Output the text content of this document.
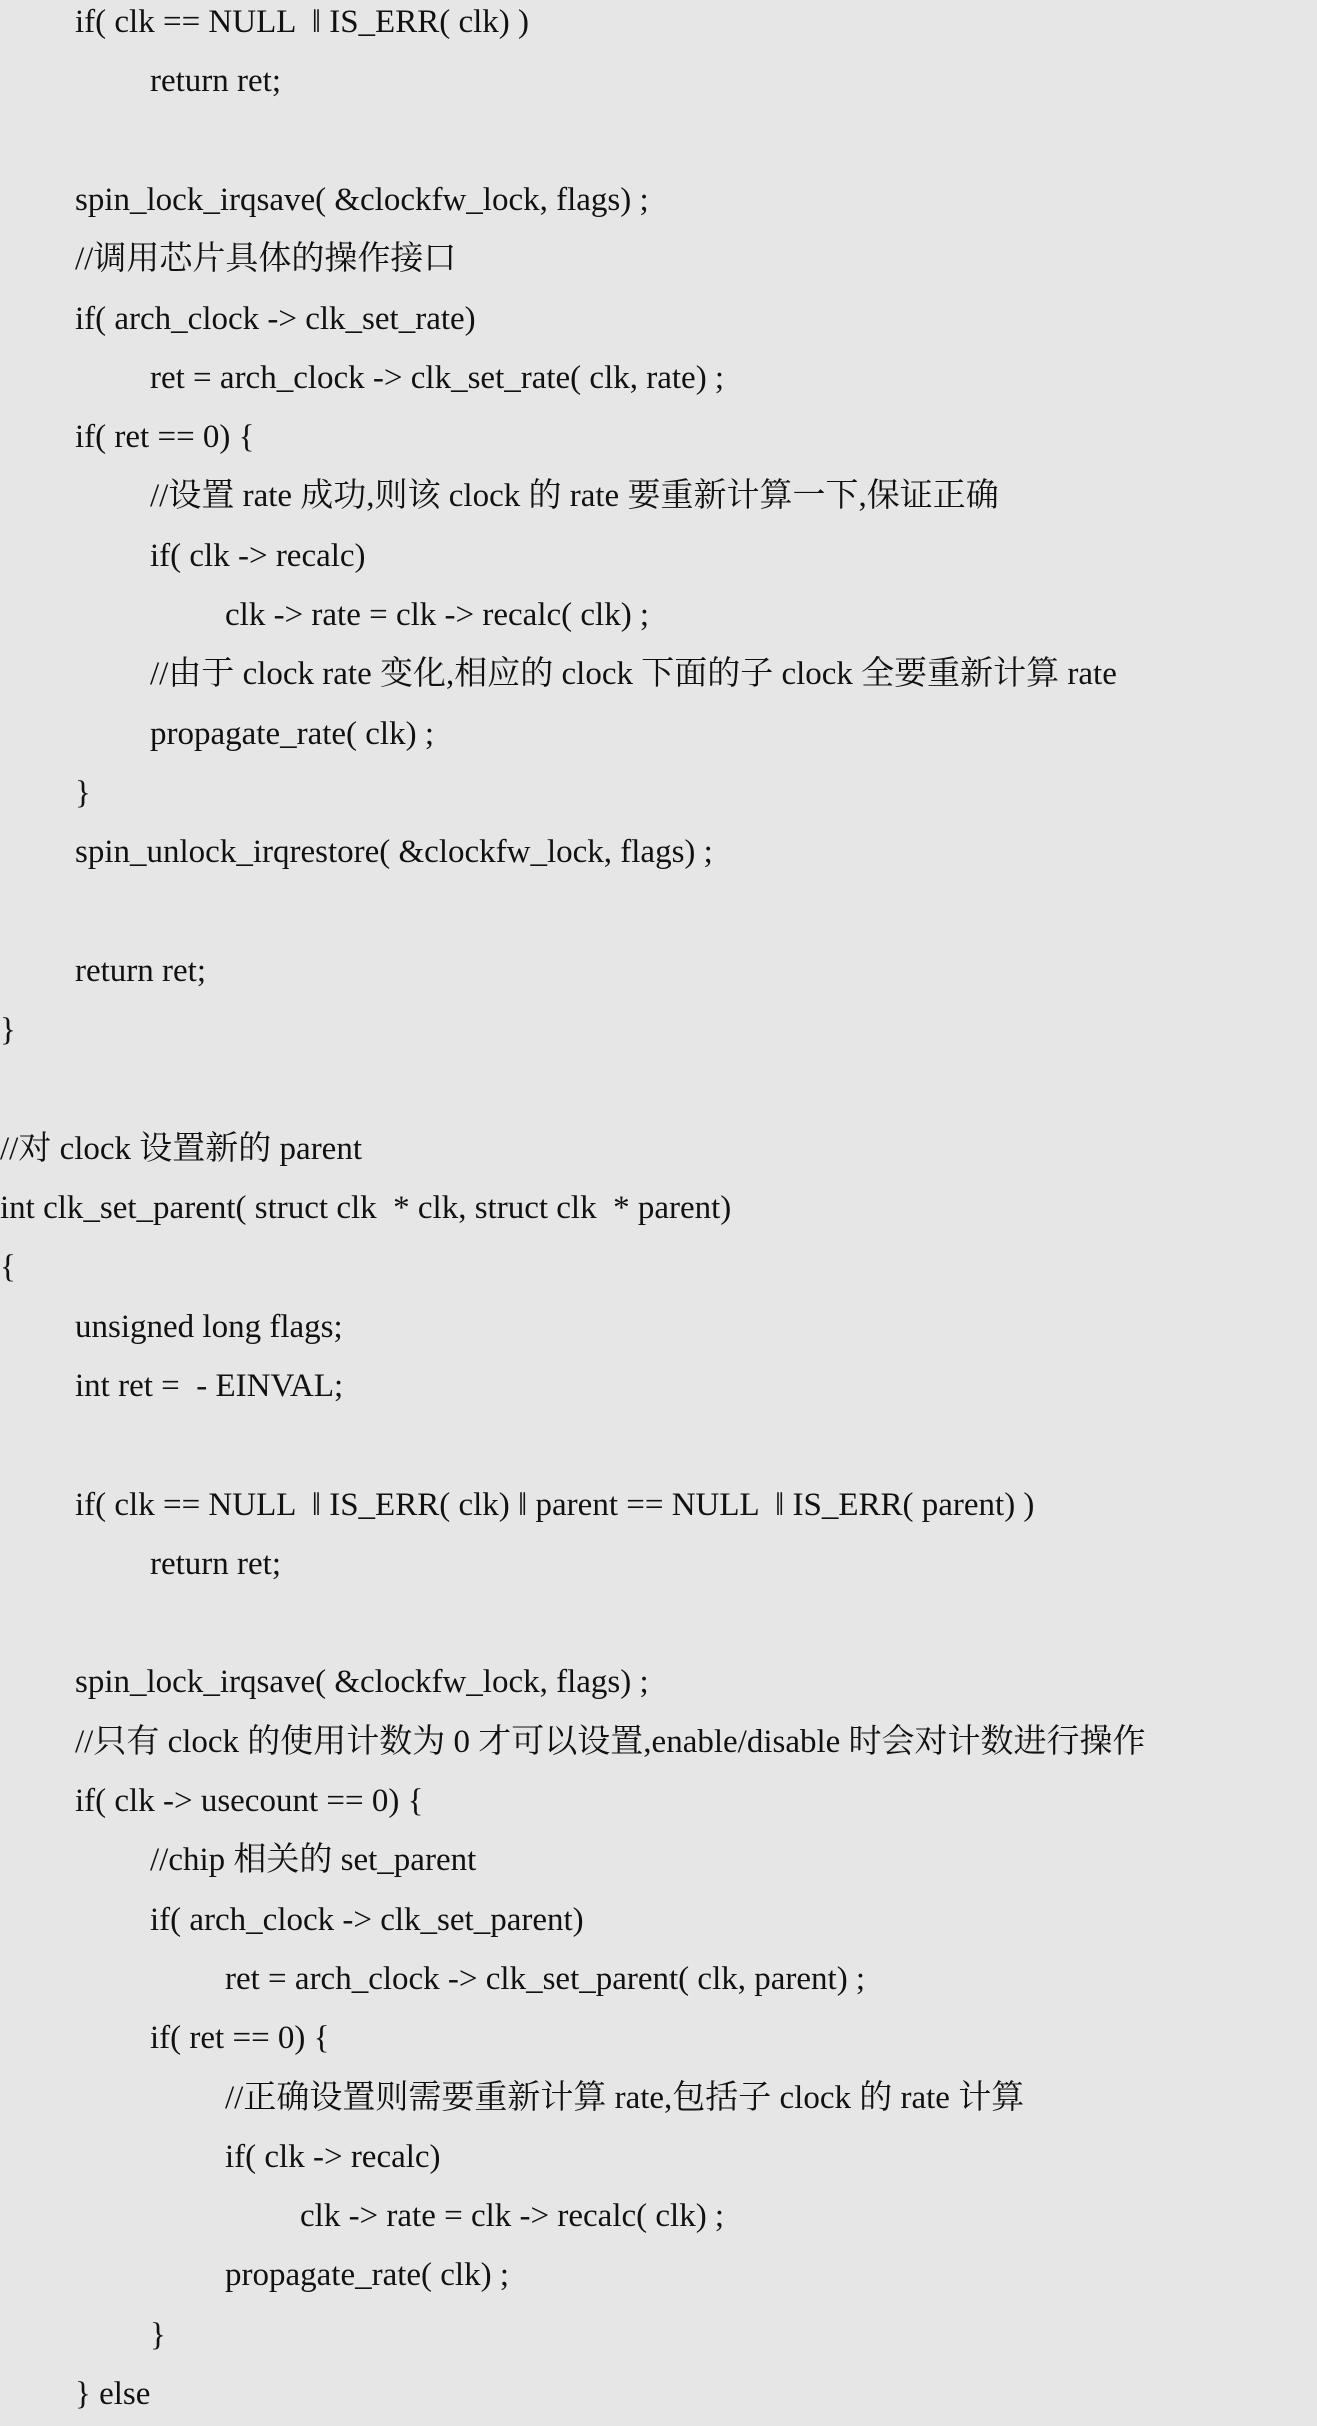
if( clk == NULL  ‖ IS_ERR( clk) )
return ret;
spin_lock_irqsave( &clockfw_lock, flags) ;
//调用芯片具体的操作接口
if( arch_clock -> clk_set_rate)
ret = arch_clock -> clk_set_rate( clk, rate) ;
if( ret == 0) {
//设置 rate 成功,则该 clock 的 rate 要重新计算一下,保证正确
if( clk -> recalc)
clk -> rate = clk -> recalc( clk) ;
//由于 clock rate 变化,相应的 clock 下面的子 clock 全要重新计算 rate
propagate_rate( clk) ;
}
spin_unlock_irqrestore( &clockfw_lock, flags) ;
return ret;
}
//对 clock 设置新的 parent
int clk_set_parent( struct clk  * clk, struct clk  * parent)
{
unsigned long flags;
int ret =  - EINVAL;
if( clk == NULL  ‖ IS_ERR( clk) ‖ parent == NULL  ‖ IS_ERR( parent) )
return ret;
spin_lock_irqsave( &clockfw_lock, flags) ;
//只有 clock 的使用计数为 0 才可以设置,enable/disable 时会对计数进行操作
if( clk -> usecount == 0) {
//chip 相关的 set_parent
if( arch_clock -> clk_set_parent)
ret = arch_clock -> clk_set_parent( clk, parent) ;
if( ret == 0) {
//正确设置则需要重新计算 rate,包括子 clock 的 rate 计算
if( clk -> recalc)
clk -> rate = clk -> recalc( clk) ;
propagate_rate( clk) ;
}
} else
